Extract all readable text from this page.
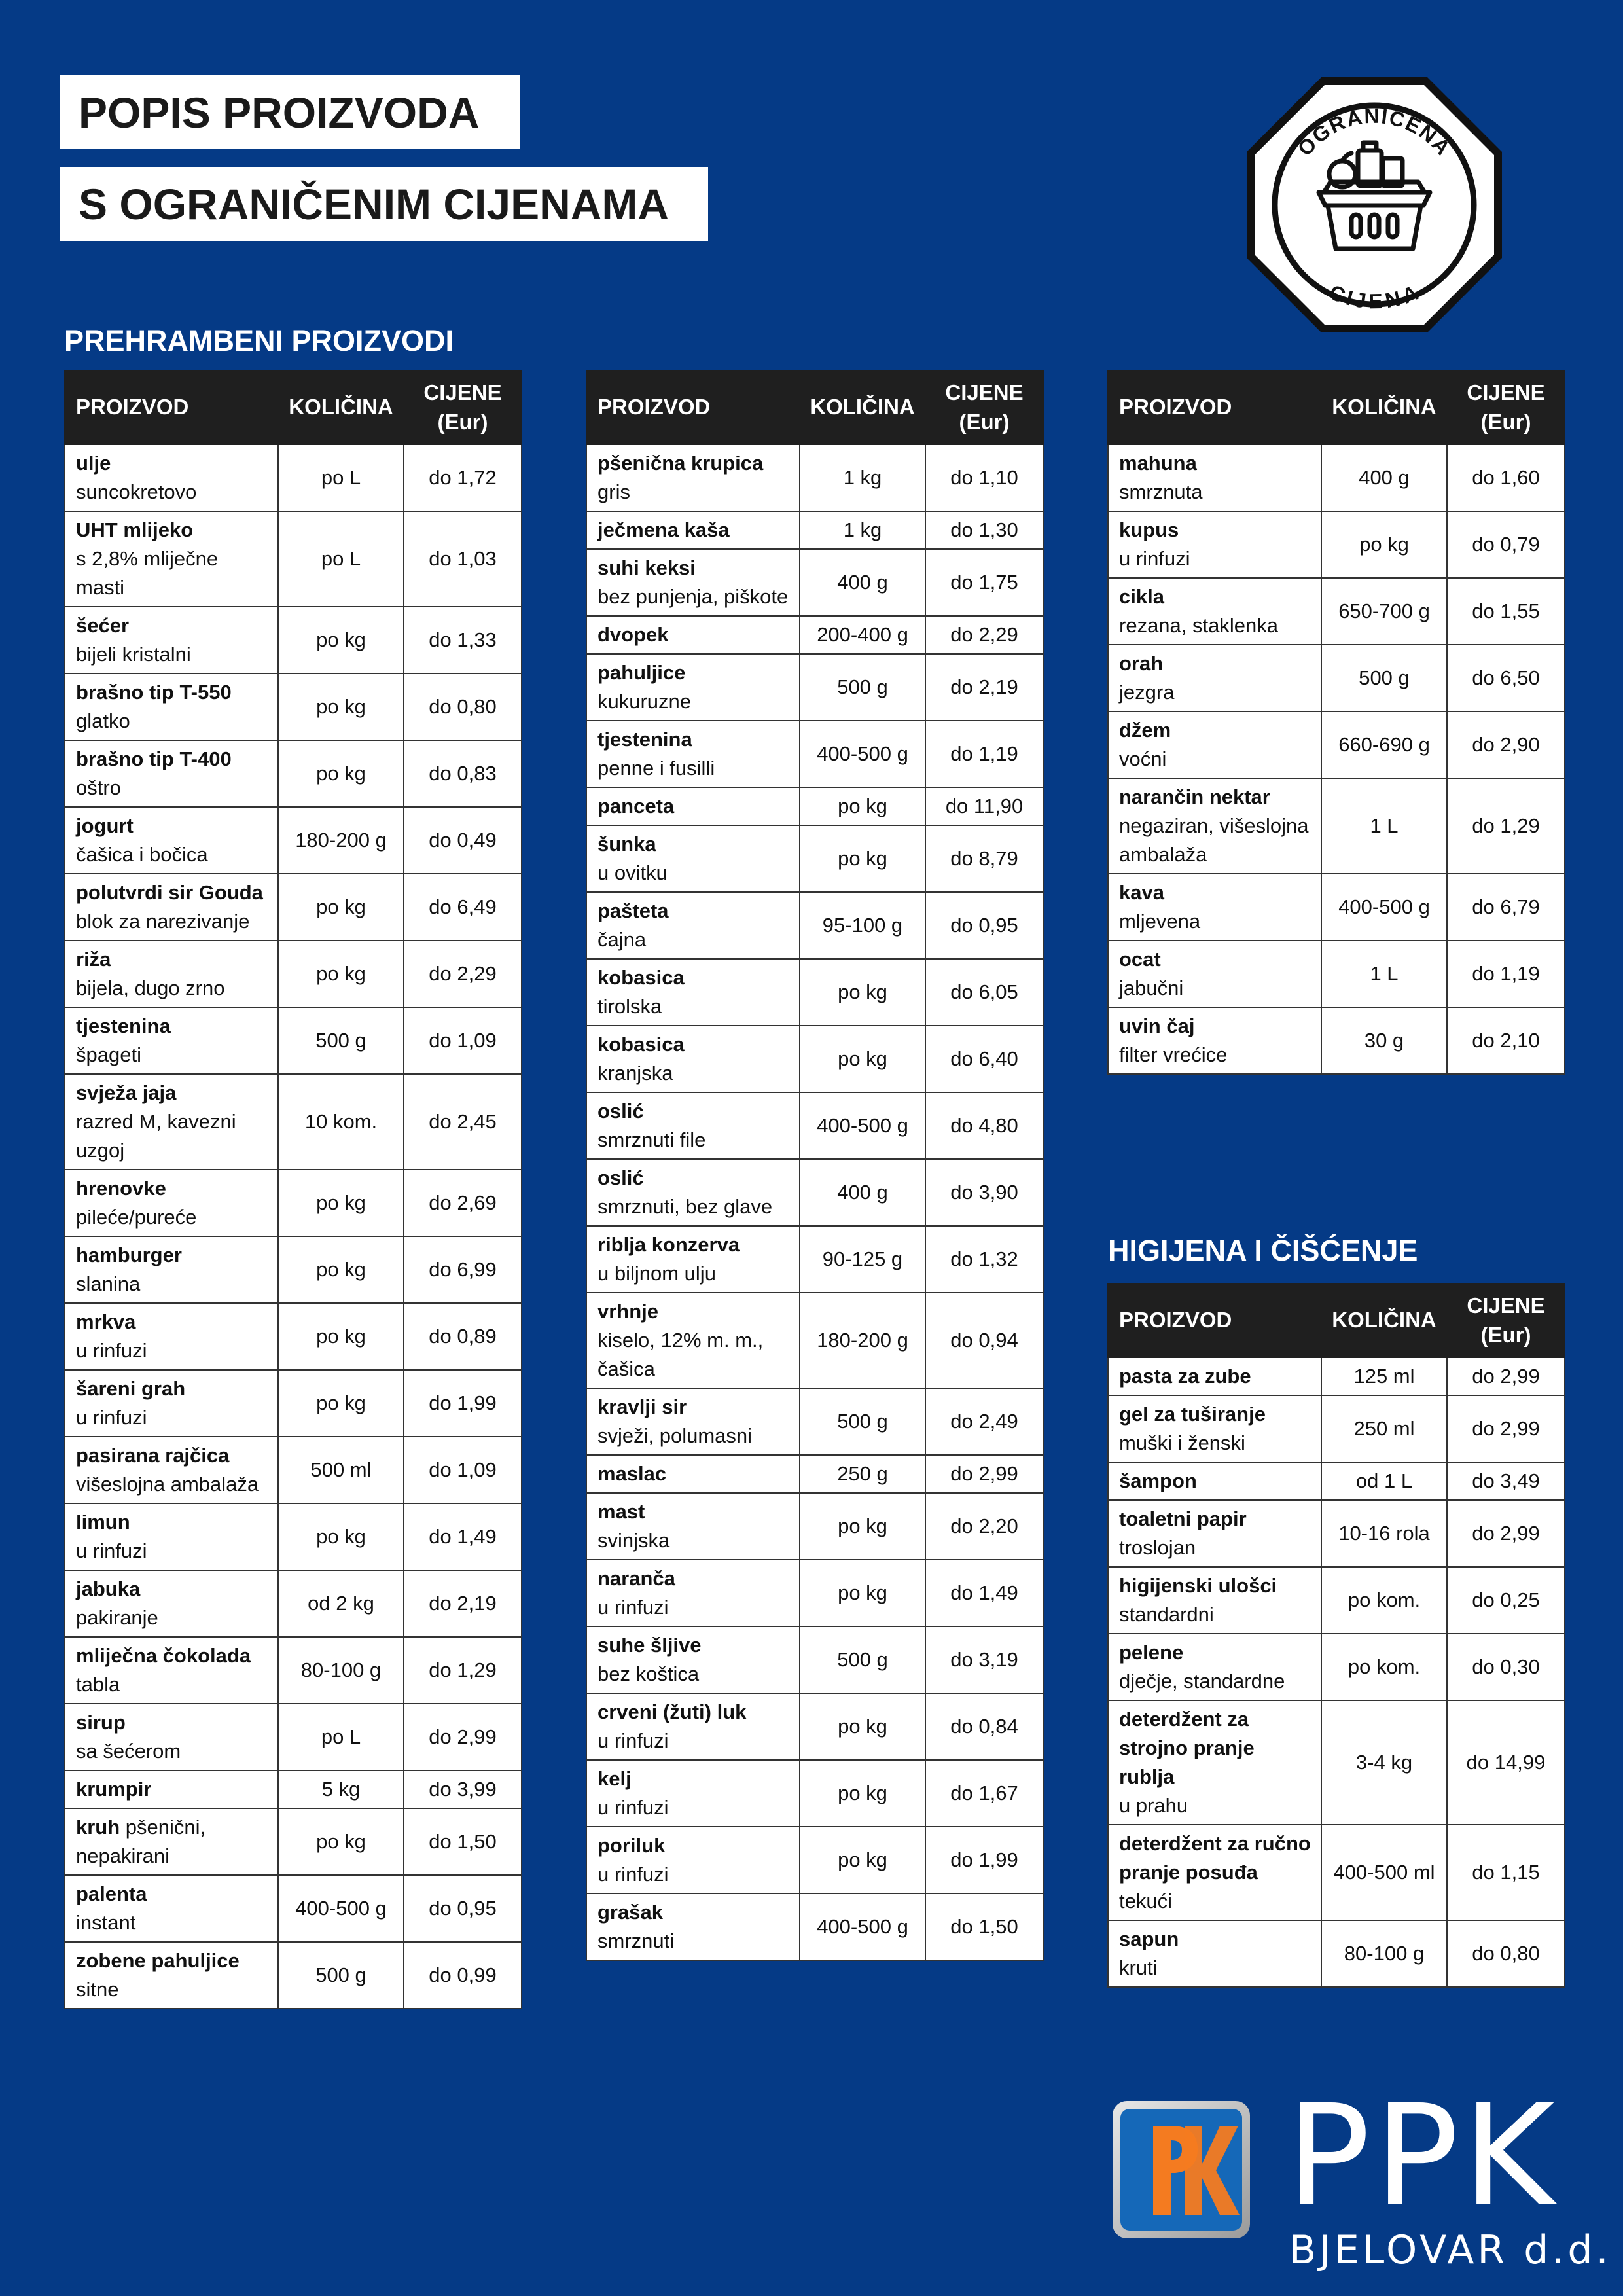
POPIS PROIZVODA
S OGRANIČENIM CIJENAMA
OGRANIČENA
CIJENA
PREHRAMBENI PROIZVODI
HIGIJENA I ČIŠĆENJE
PROIZVOD	KOLIČINA	CIJENE
(Eur)

ulje
suncokretovo	po L	do 1,72
UHT mlijeko
s 2,8% mliječne masti	po L	do 1,03
šećer
bijeli kristalni	po kg	do 1,33
brašno tip T-550
glatko	po kg	do 0,80
brašno tip T-400
oštro	po kg	do 0,83
jogurt
čašica i bočica	180-200 g	do 0,49
polutvrdi sir Gouda
blok za narezivanje	po kg	do 6,49
riža
bijela, dugo zrno	po kg	do 2,29
tjestenina
špageti	500 g	do 1,09
svježa jaja
razred M, kavezni uzgoj	10 kom.	do 2,45
hrenovke
pileće/pureće	po kg	do 2,69
hamburger
slanina	po kg	do 6,99
mrkva
u rinfuzi	po kg	do 0,89
šareni grah
u rinfuzi	po kg	do 1,99
pasirana rajčica
višeslojna ambalaža	500 ml	do 1,09
limun
u rinfuzi	po kg	do 1,49
jabuka
pakiranje	od 2 kg	do 2,19
mliječna čokolada
tabla	80-100 g	do 1,29
sirup
sa šećerom	po L	do 2,99
krumpir	5 kg	do 3,99
kruh pšenični, nepakirani	po kg	do 1,50
palenta
instant	400-500 g	do 0,95
zobene pahuljice
sitne	500 g	do 0,99
PROIZVOD	KOLIČINA	CIJENE
(Eur)

pšenična krupica
gris	1 kg	do 1,10
ječmena kaša	1 kg	do 1,30
suhi keksi
bez punjenja, piškote	400 g	do 1,75
dvopek	200-400 g	do 2,29
pahuljice
kukuruzne	500 g	do 2,19
tjestenina
penne i fusilli	400-500 g	do 1,19
panceta	po kg	do 11,90
šunka
u ovitku	po kg	do 8,79
pašteta
čajna	95-100 g	do 0,95
kobasica
tirolska	po kg	do 6,05
kobasica
kranjska	po kg	do 6,40
oslić
smrznuti file	400-500 g	do 4,80
oslić
smrznuti, bez glave	400 g	do 3,90
riblja konzerva
u biljnom ulju	90-125 g	do 1,32
vrhnje
kiselo, 12% m. m., čašica	180-200 g	do 0,94
kravlji sir
svježi, polumasni	500 g	do 2,49
maslac	250 g	do 2,99
mast
svinjska	po kg	do 2,20
naranča
u rinfuzi	po kg	do 1,49
suhe šljive
bez koštica	500 g	do 3,19
crveni (žuti) luk
u rinfuzi	po kg	do 0,84
kelj
u rinfuzi	po kg	do 1,67
poriluk
u rinfuzi	po kg	do 1,99
grašak
smrznuti	400-500 g	do 1,50
PROIZVOD	KOLIČINA	CIJENE
(Eur)

mahuna
smrznuta	400 g	do 1,60
kupus
u rinfuzi	po kg	do 0,79
cikla
rezana, staklenka	650-700 g	do 1,55
orah
jezgra	500 g	do 6,50
džem
voćni	660-690 g	do 2,90
narančin nektar
negaziran, višeslojna ambalaža	1 L	do 1,29
kava
mljevena	400-500 g	do 6,79
ocat
jabučni	1 L	do 1,19
uvin čaj
filter vrećice	30 g	do 2,10
PROIZVOD	KOLIČINA	CIJENE
(Eur)

pasta za zube	125 ml	do 2,99
gel za tuširanje
muški i ženski	250 ml	do 2,99
šampon	od 1 L	do 3,49
toaletni papir
troslojan	10-16 rola	do 2,99
higijenski ulošci
standardni	po kom.	do 0,25
pelene
dječje, standardne	po kom.	do 0,30
deterdžent za strojno pranje rublja
u prahu	3-4 kg	do 14,99
deterdžent za ručno pranje posuđa
tekući	400-500 ml	do 1,15
sapun
kruti	80-100 g	do 0,80
PPK
BJELOVAR d.d.
